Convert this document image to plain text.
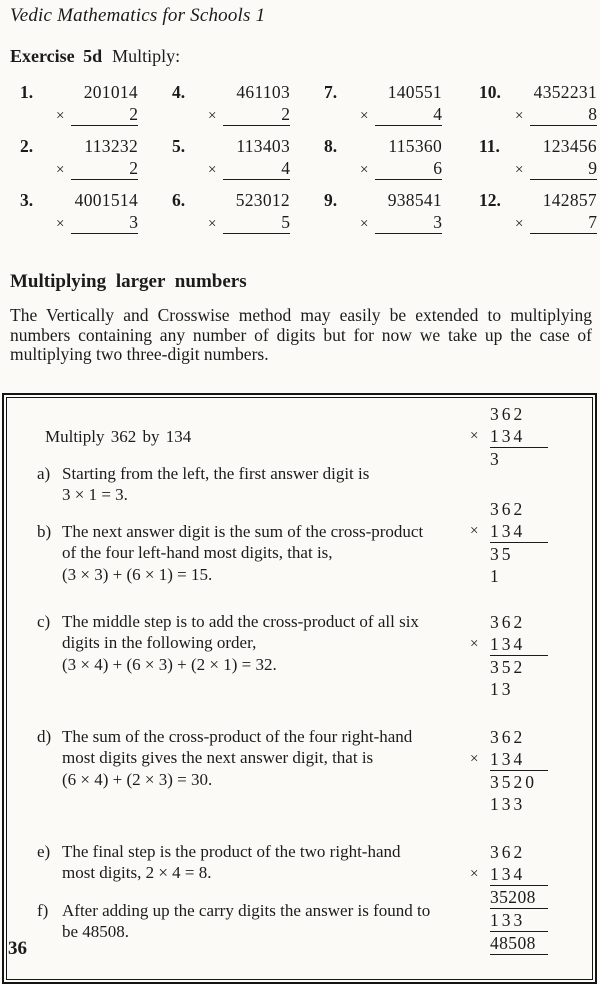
Vedic Mathematics for Schools 1
Exercise 5d Multiply:
1.	201014
×	2
4.	461103
×	2
7.	140551
×	4
10.	4352231
×	8
2.	113232
×	2
5.	113403
×	4
8.	115360
×	6
11.	123456
×	9
3.	4001514
×	3
6.	523012
×	5
9.	938541
×	3
12.	142857
×	7
Multiplying larger numbers
The Vertically and Crosswise method may easily be extended to multiplying
numbers containing any number of digits but for now we take up the case of
multiplying two three-digit numbers.
Multiply 362 by 134
a) Starting from the left, the first answer digit is
3 × 1 = 3.
362
× 134
3
b) The next answer digit is the sum of the cross-product
of the four left-hand most digits, that is,
(3 × 3) + (6 × 1) = 15.
362
× 134
35
1
c) The middle step is to add the cross-product of all six
digits in the following order,
(3 × 4) + (6 × 3) + (2 × 1) = 32.
362
× 134
352
13
d) The sum of the cross-product of the four right-hand
most digits gives the next answer digit, that is
(6 × 4) + (2 × 3) = 30.
362
× 134
3520
133
e) The final step is the product of the two right-hand
most digits, 2 × 4 = 8.
f) After adding up the carry digits the answer is found to
be 48508.
362
× 134
35208
133
48508
36
